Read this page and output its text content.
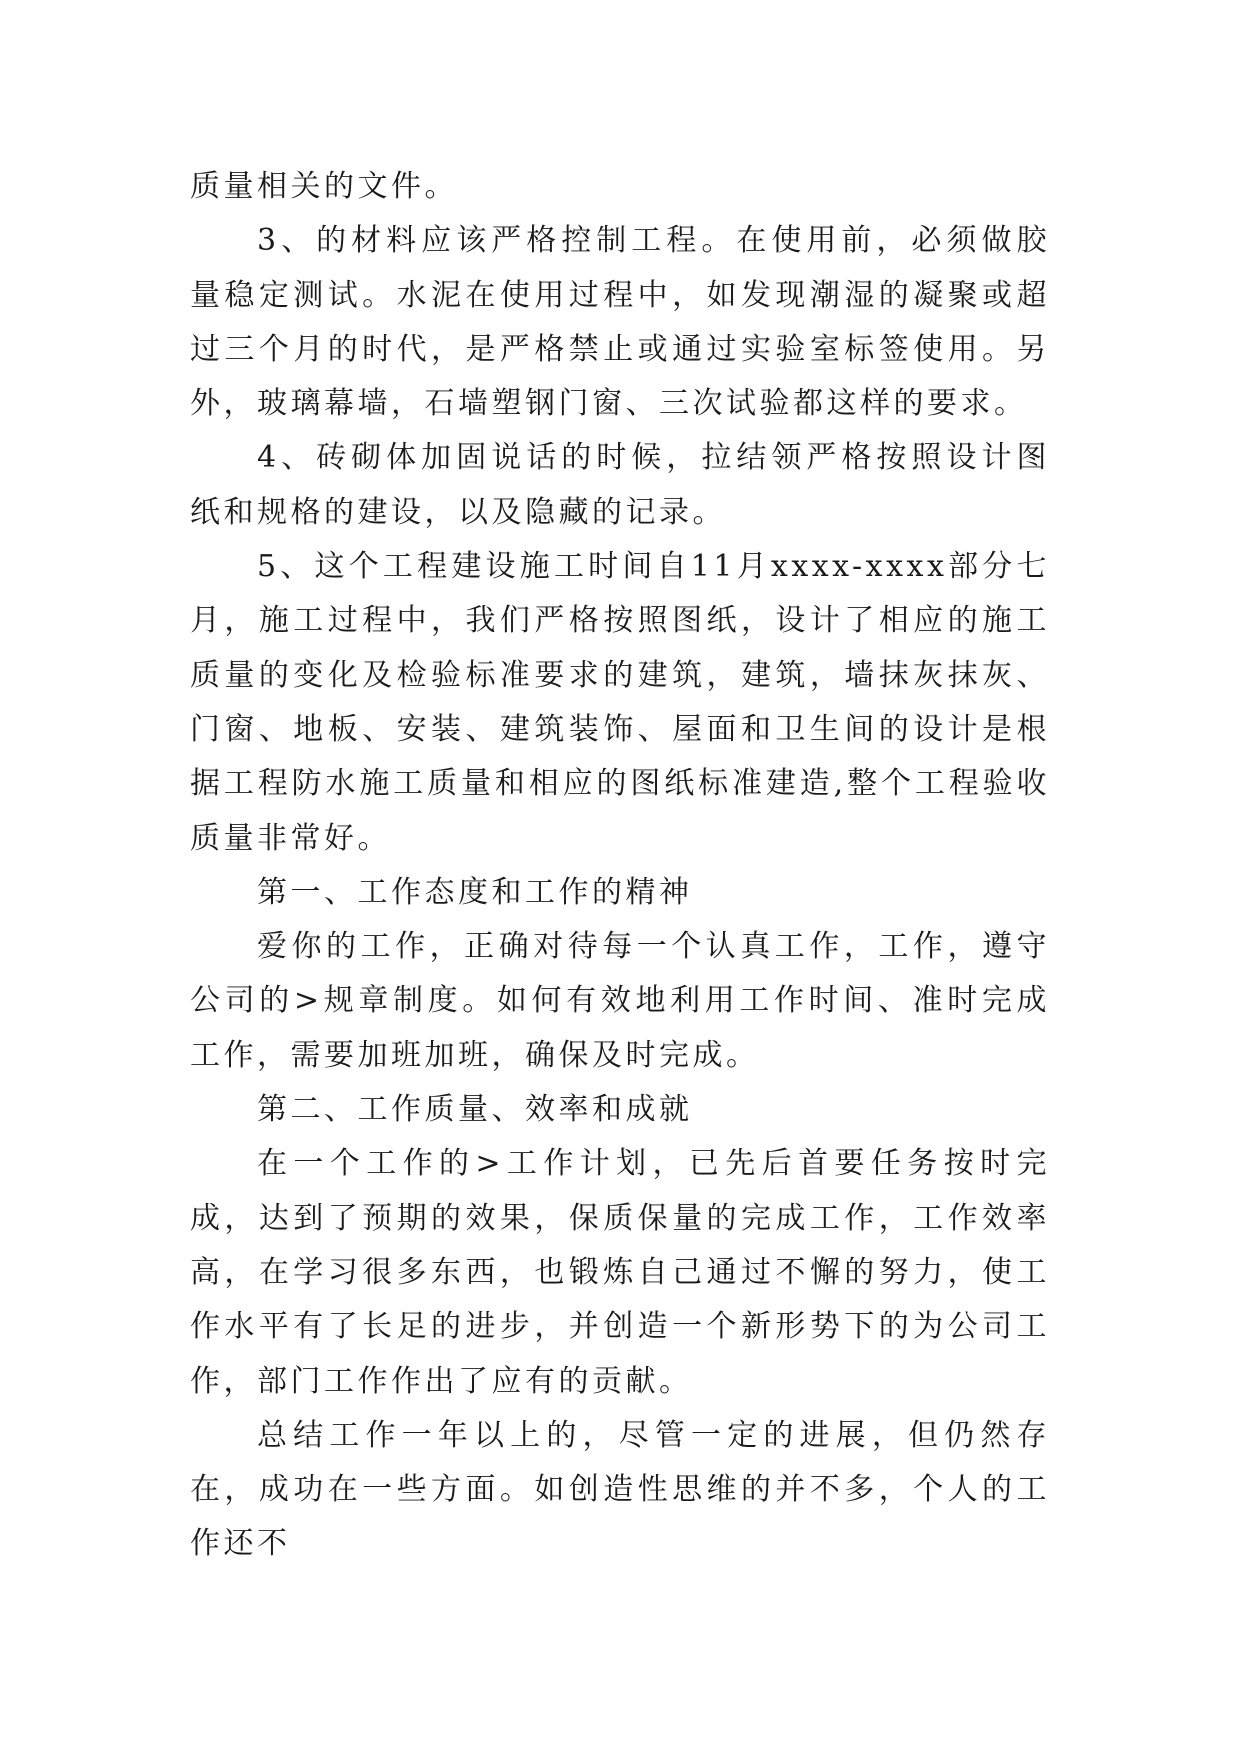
质量相关的文件。

3、的材料应该严格控制工程。在使用前，必须做胶量稳定测试。水泥在使用过程中，如发现潮湿的凝聚或超过三个月的时代，是严格禁止或通过实验室标签使用。另外，玻璃幕墙，石墙塑钢门窗、三次试验都这样的要求。

4、砖砌体加固说话的时候，拉结领严格按照设计图纸和规格的建设，以及隐藏的记录。

5、这个工程建设施工时间自11月xxxx-xxxx部分七月，施工过程中，我们严格按照图纸，设计了相应的施工质量的变化及检验标准要求的建筑，建筑，墙抹灰抹灰、门窗、地板、安装、建筑装饰、屋面和卫生间的设计是根据工程防水施工质量和相应的图纸标准建造,整个工程验收质量非常好。

第一、工作态度和工作的精神

爱你的工作，正确对待每一个认真工作，工作，遵守公司的>规章制度。如何有效地利用工作时间、准时完成工作，需要加班加班，确保及时完成。

第二、工作质量、效率和成就

在一个工作的>工作计划，已先后首要任务按时完成，达到了预期的效果，保质保量的完成工作，工作效率高，在学习很多东西，也锻炼自己通过不懈的努力，使工作水平有了长足的进步，并创造一个新形势下的为公司工作，部门工作作出了应有的贡献。

总结工作一年以上的，尽管一定的进展，但仍然存在，成功在一些方面。如创造性思维的并不多，个人的工作还不
